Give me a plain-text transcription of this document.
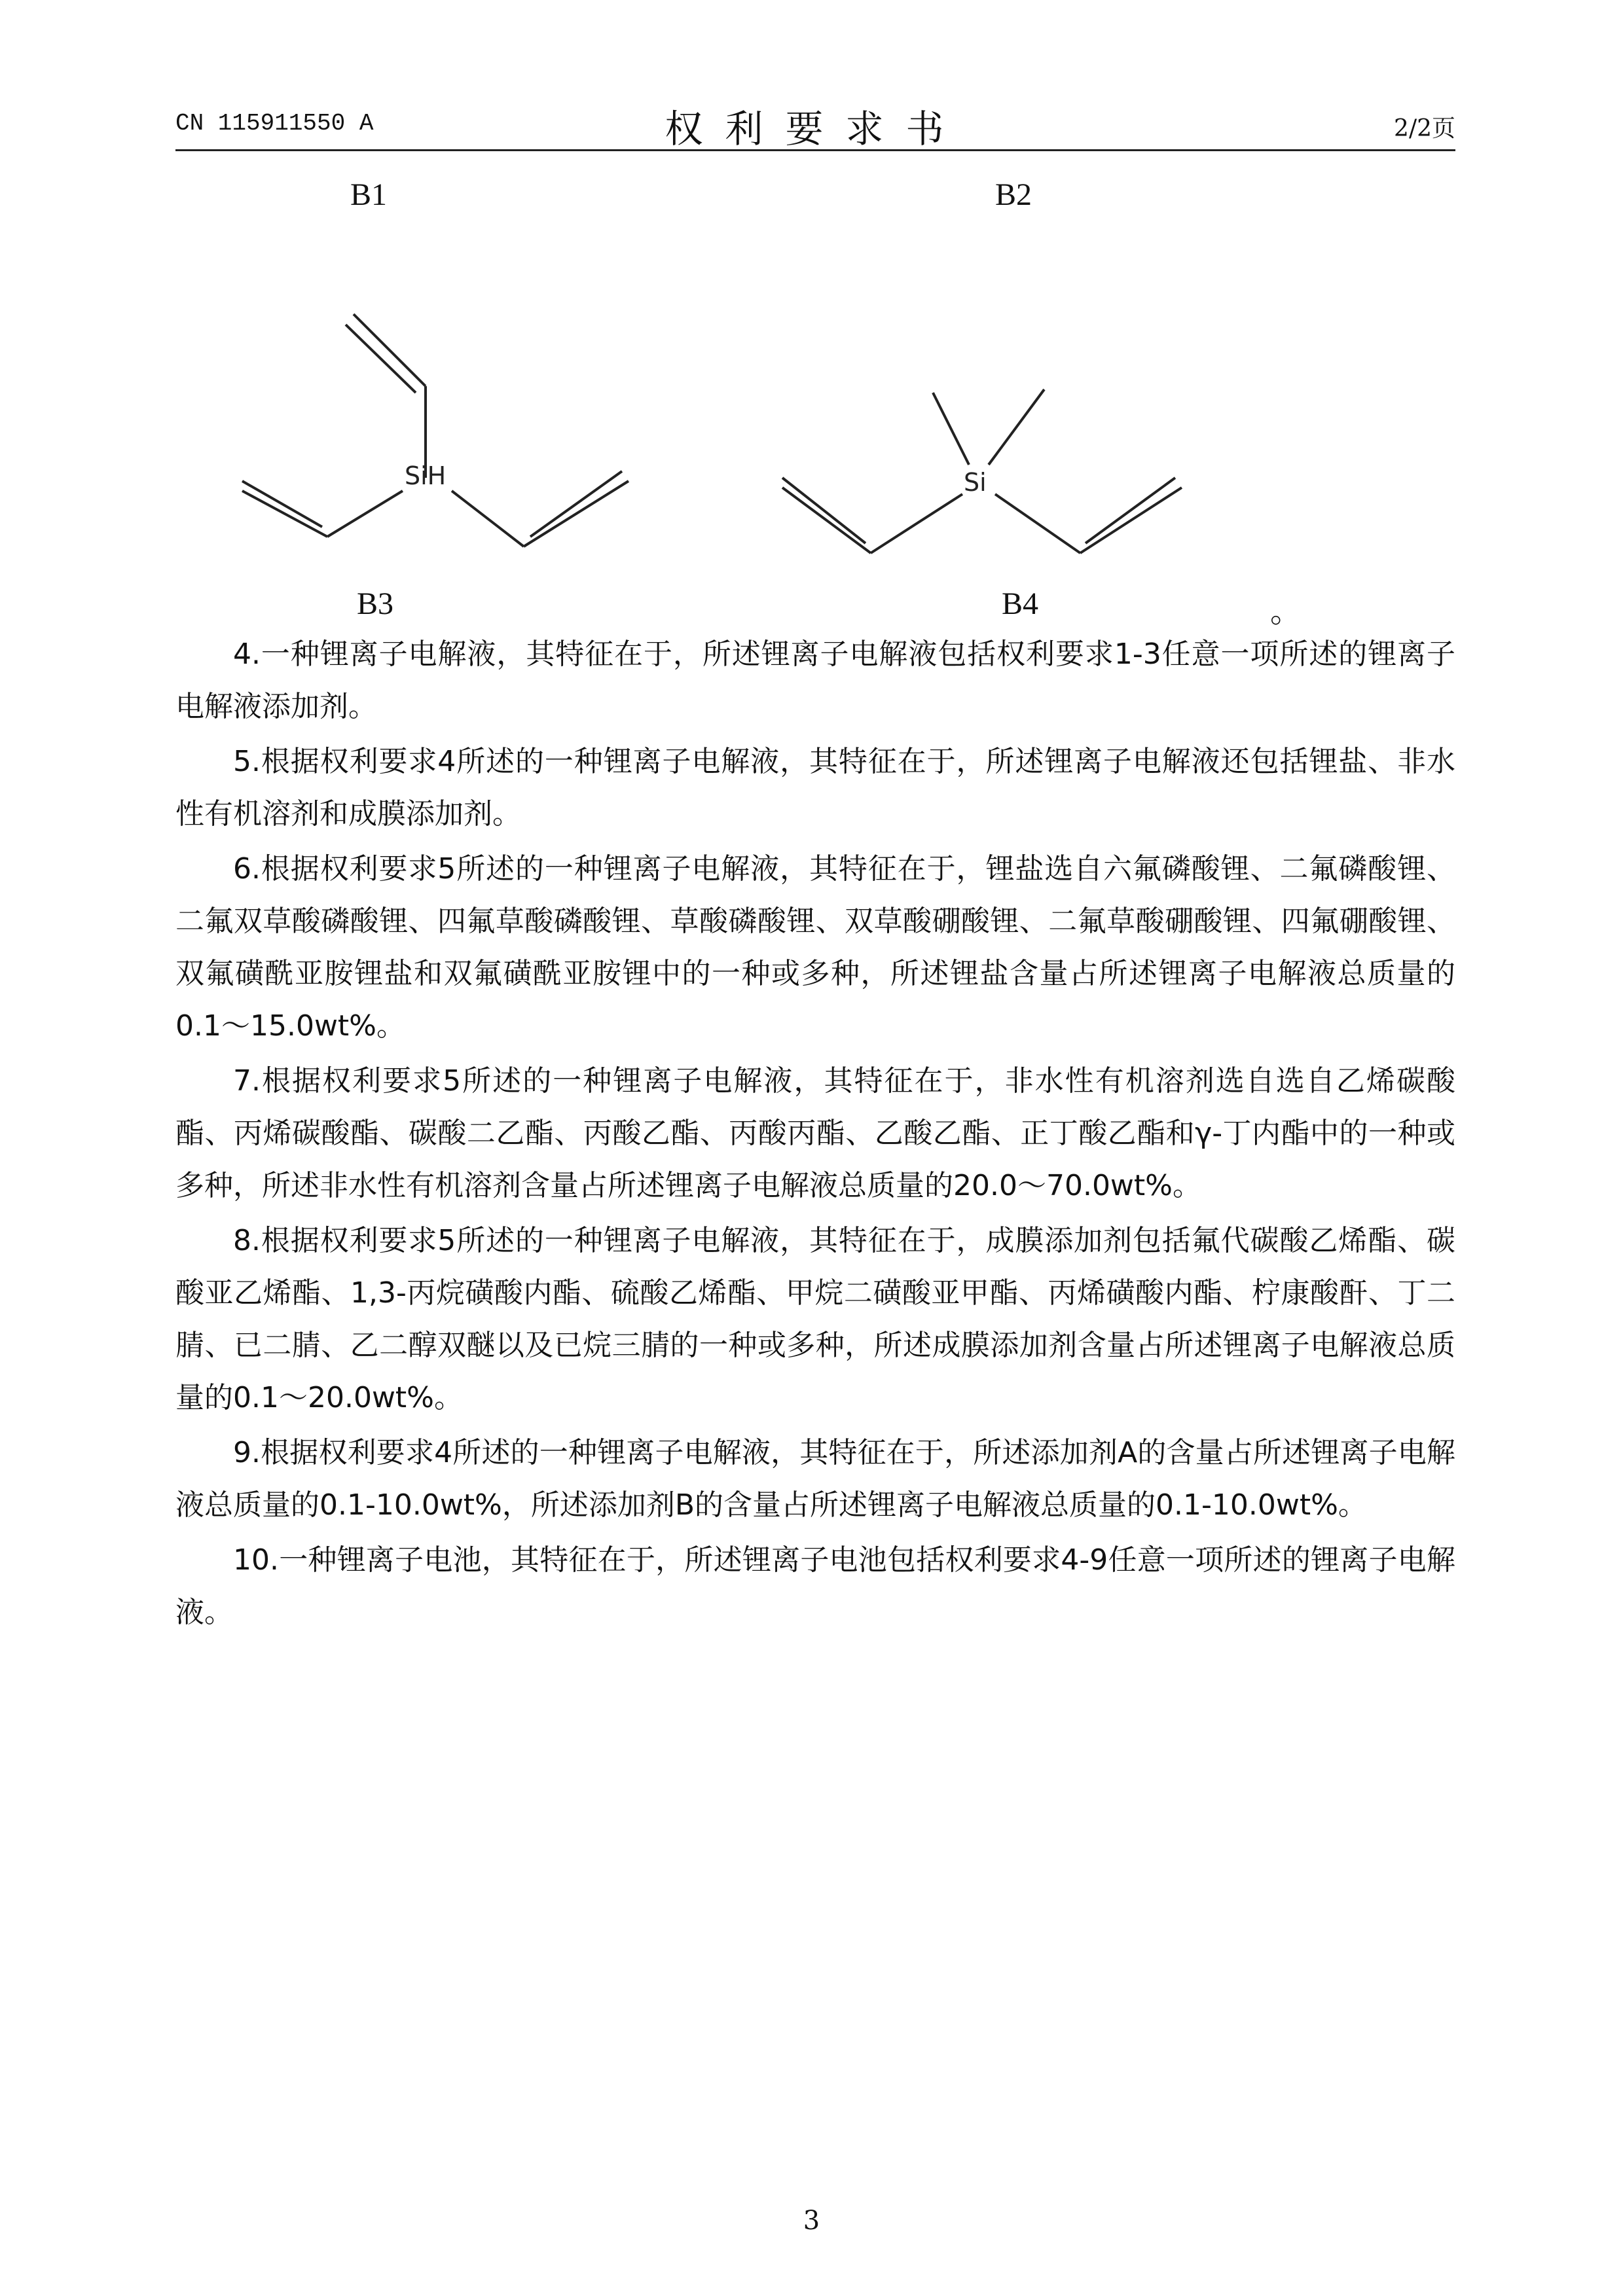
CN 115911550 A	权利要求书	2/2页
B1	B2
SiH	Si
B3	B4	。

4.一种锂离子电解液，其特征在于，所述锂离子电解液包括权利要求1-3任意一项所述的锂离子电解液添加剂。

5.根据权利要求4所述的一种锂离子电解液，其特征在于，所述锂离子电解液还包括锂盐、非水性有机溶剂和成膜添加剂。

6.根据权利要求5所述的一种锂离子电解液，其特征在于，锂盐选自六氟磷酸锂、二氟磷酸锂、二氟双草酸磷酸锂、四氟草酸磷酸锂、草酸磷酸锂、双草酸硼酸锂、二氟草酸硼酸锂、四氟硼酸锂、双氟磺酰亚胺锂盐和双氟磺酰亚胺锂中的一种或多种，所述锂盐含量占所述锂离子电解液总质量的0.1～15.0wt%。

7.根据权利要求5所述的一种锂离子电解液，其特征在于，非水性有机溶剂选自选自乙烯碳酸酯、丙烯碳酸酯、碳酸二乙酯、丙酸乙酯、丙酸丙酯、乙酸乙酯、正丁酸乙酯和γ-丁内酯中的一种或多种，所述非水性有机溶剂含量占所述锂离子电解液总质量的20.0～70.0wt%。

8.根据权利要求5所述的一种锂离子电解液，其特征在于，成膜添加剂包括氟代碳酸乙烯酯、碳酸亚乙烯酯、1,3-丙烷磺酸内酯、硫酸乙烯酯、甲烷二磺酸亚甲酯、丙烯磺酸内酯、柠康酸酐、丁二腈、已二腈、乙二醇双醚以及已烷三腈的一种或多种，所述成膜添加剂含量占所述锂离子电解液总质量的0.1～20.0wt%。

9.根据权利要求4所述的一种锂离子电解液，其特征在于，所述添加剂A的含量占所述锂离子电解液总质量的0.1-10.0wt%，所述添加剂B的含量占所述锂离子电解液总质量的0.1-10.0wt%。

10.一种锂离子电池，其特征在于，所述锂离子电池包括权利要求4-9任意一项所述的锂离子电解液。

3
